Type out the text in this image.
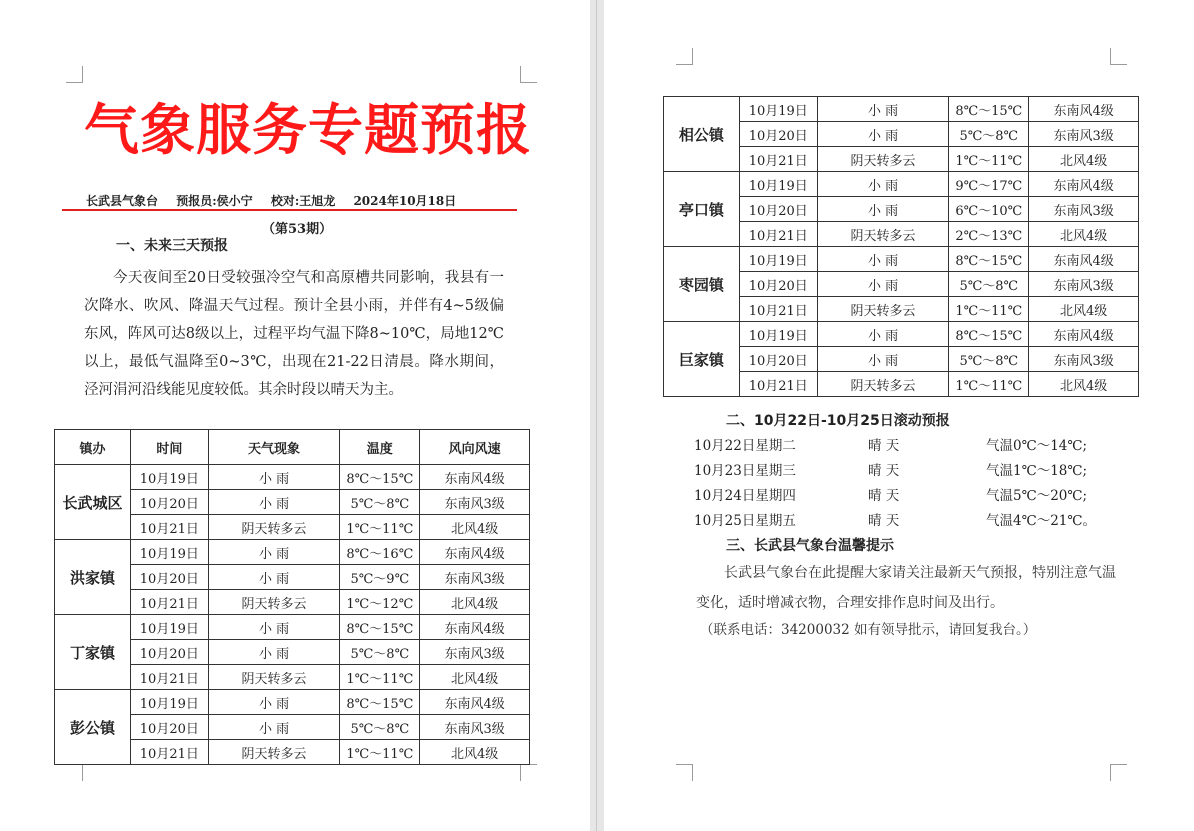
气象服务专题预报
长武县气象台 预报员:侯小宁 校对:王旭龙 2024年10月18日
（第53期）
一、未来三天预报
今天夜间至20日受较强冷空气和高原槽共同影响，我县有一次降水、吹风、降温天气过程。预计全县小雨，并伴有4~5级偏东风，阵风可达8级以上，过程平均气温下降8~10℃，局地12℃以上，最低气温降至0~3℃，出现在21-22日清晨。降水期间，泾河涓河沿线能见度较低。其余时段以晴天为主。
镇办	时间	天气现象	温度	风向风速
长武城区	10月19日	小 雨	8℃～15℃	东南风4级
	10月20日	小 雨	5℃～8℃	东南风3级
	10月21日	阴天转多云	1℃～11℃	北风4级
洪家镇	10月19日	小 雨	8℃～16℃	东南风4级
	10月20日	小 雨	5℃～9℃	东南风3级
	10月21日	阴天转多云	1℃～12℃	北风4级
丁家镇	10月19日	小 雨	8℃～15℃	东南风4级
	10月20日	小 雨	5℃～8℃	东南风3级
	10月21日	阴天转多云	1℃～11℃	北风4级
彭公镇	10月19日	小 雨	8℃～15℃	东南风4级
	10月20日	小 雨	5℃～8℃	东南风3级
	10月21日	阴天转多云	1℃～11℃	北风4级
相公镇	10月19日	小 雨	8℃～15℃	东南风4级
	10月20日	小 雨	5℃～8℃	东南风3级
	10月21日	阴天转多云	1℃～11℃	北风4级
亭口镇	10月19日	小 雨	9℃～17℃	东南风4级
	10月20日	小 雨	6℃～10℃	东南风3级
	10月21日	阴天转多云	2℃～13℃	北风4级
枣园镇	10月19日	小 雨	8℃～15℃	东南风4级
	10月20日	小 雨	5℃～8℃	东南风3级
	10月21日	阴天转多云	1℃～11℃	北风4级
巨家镇	10月19日	小 雨	8℃～15℃	东南风4级
	10月20日	小 雨	5℃～8℃	东南风3级
	10月21日	阴天转多云	1℃～11℃	北风4级
二、10月22日-10月25日滚动预报
10月22日星期二	晴 天	气温0℃～14℃;
10月23日星期三	晴 天	气温1℃～18℃;
10月24日星期四	晴 天	气温5℃～20℃;
10月25日星期五	晴 天	气温4℃～21℃。
三、长武县气象台温馨提示
长武县气象台在此提醒大家请关注最新天气预报，特别注意气温变化，适时增减衣物，合理安排作息时间及出行。
（联系电话：34200032 如有领导批示，请回复我台。）
